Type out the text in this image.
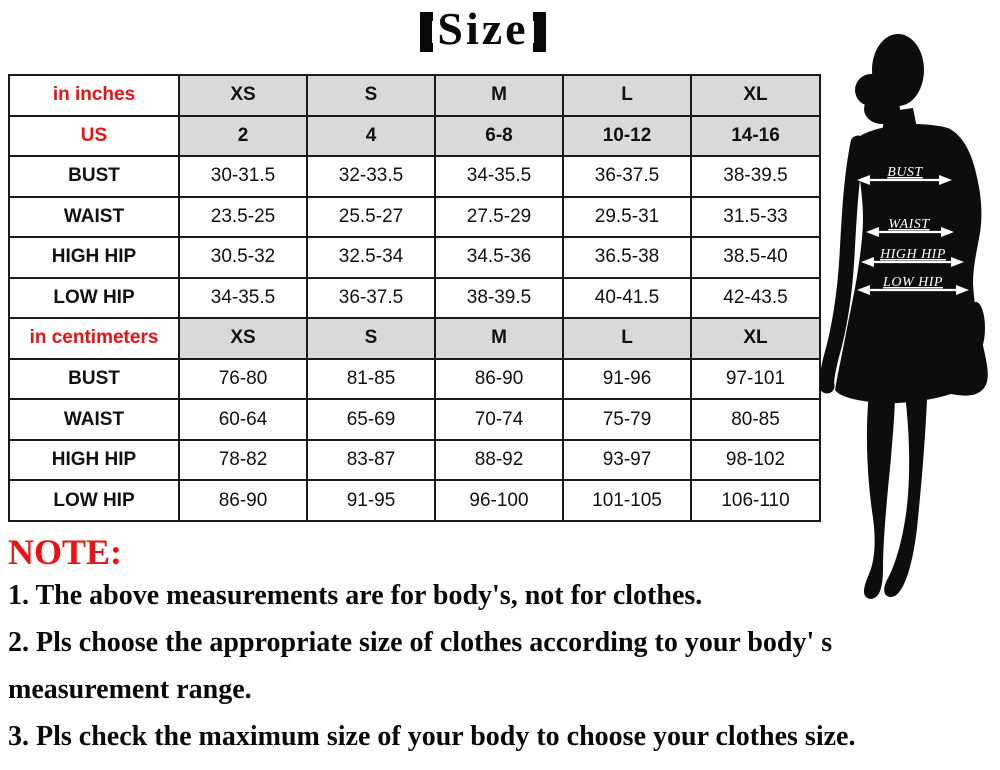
Size
in inches	XS	S	M	L	XL
US	2	4	6-8	10-12	14-16
BUST	30-31.5	32-33.5	34-35.5	36-37.5	38-39.5
WAIST	23.5-25	25.5-27	27.5-29	29.5-31	31.5-33
HIGH HIP	30.5-32	32.5-34	34.5-36	36.5-38	38.5-40
LOW HIP	34-35.5	36-37.5	38-39.5	40-41.5	42-43.5
in centimeters	XS	S	M	L	XL
BUST	76-80	81-85	86-90	91-96	97-101
WAIST	60-64	65-69	70-74	75-79	80-85
HIGH HIP	78-82	83-87	88-92	93-97	98-102
LOW HIP	86-90	91-95	96-100	101-105	106-110
BUST
WAIST
HIGH HIP
LOW HIP
NOTE:

1. The above measurements are for body's, not for clothes.

2. Pls choose the appropriate size of clothes according to your body' s measurement range.

3. Pls check the maximum size of your body to choose your clothes size.
